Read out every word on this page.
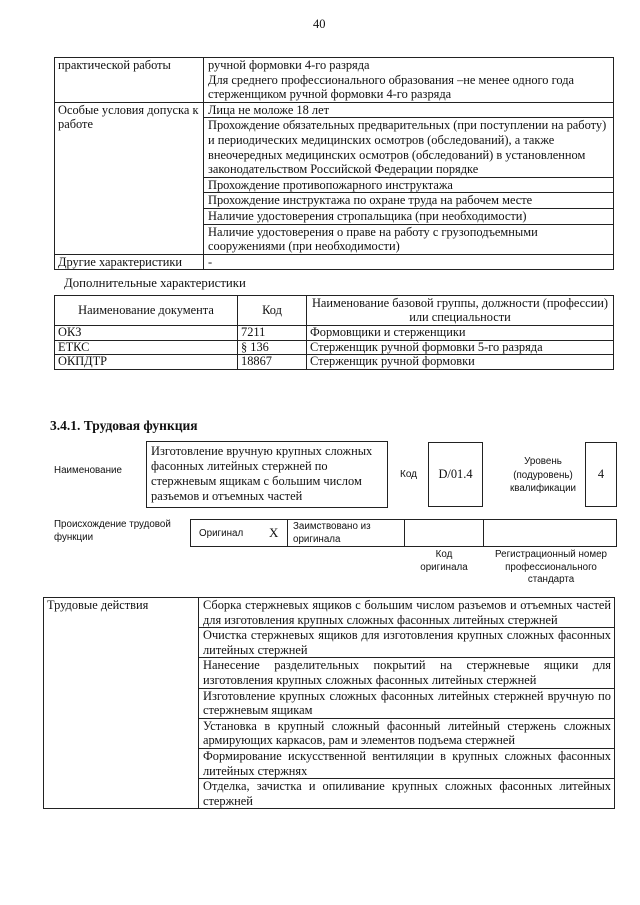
40
практической работы	ручной формовки 4-го разряда
Для среднего профессионального образования –не менее одного года стерженщиком ручной формовки 4-го разряда
Особые условия допуска к работе	Лица не моложе 18 лет
	Прохождение обязательных предварительных (при поступлении на работу) и периодических медицинских осмотров (обследований), а также внеочередных медицинских осмотров (обследований) в установленном законодательством Российской Федерации порядке
	Прохождение противопожарного инструктажа
	Прохождение инструктажа по охране труда на рабочем месте
	Наличие удостоверения стропальщика (при необходимости)
	Наличие удостоверения о праве на работу с грузоподъемными сооружениями (при необходимости)
Другие характеристики	-
Дополнительные характеристики
Наименование документа	Код	Наименование базовой группы, должности (профессии) или специальности
ОКЗ	7211	Формовщики и стерженщики
ЕТКС	§ 136	Стерженщик ручной формовки 5-го разряда
ОКПДТР	18867	Стерженщик ручной формовки
3.4.1. Трудовая функция
Наименование
Изготовление вручную крупных сложных фасонных литейных стержней по стержневым ящикам с большим числом разъемов и отъемных частей
Код D/01.4
Уровень (подуровень) квалификации
4
Происхождение трудовой функции	Оригинал X Заимствовано из оригинала
Код оригинала
Регистрационный номер профессионального стандарта
Трудовые действия	Сборка стержневых ящиков с большим числом разъемов и отъемных частей для изготовления крупных сложных фасонных литейных стержней
Очистка стержневых ящиков для изготовления крупных сложных фасонных литейных стержней
Нанесение разделительных покрытий на стержневые ящики для изготовления крупных сложных фасонных литейных стержней
Изготовление крупных сложных фасонных литейных стержней вручную по стержневым ящикам
Установка в крупный сложный фасонный литейный стержень сложных армирующих каркасов, рам и элементов подъема стержней
Формирование искусственной вентиляции в крупных сложных фасонных литейных стержнях
Отделка, зачистка и опиливание крупных сложных фасонных литейных стержней
